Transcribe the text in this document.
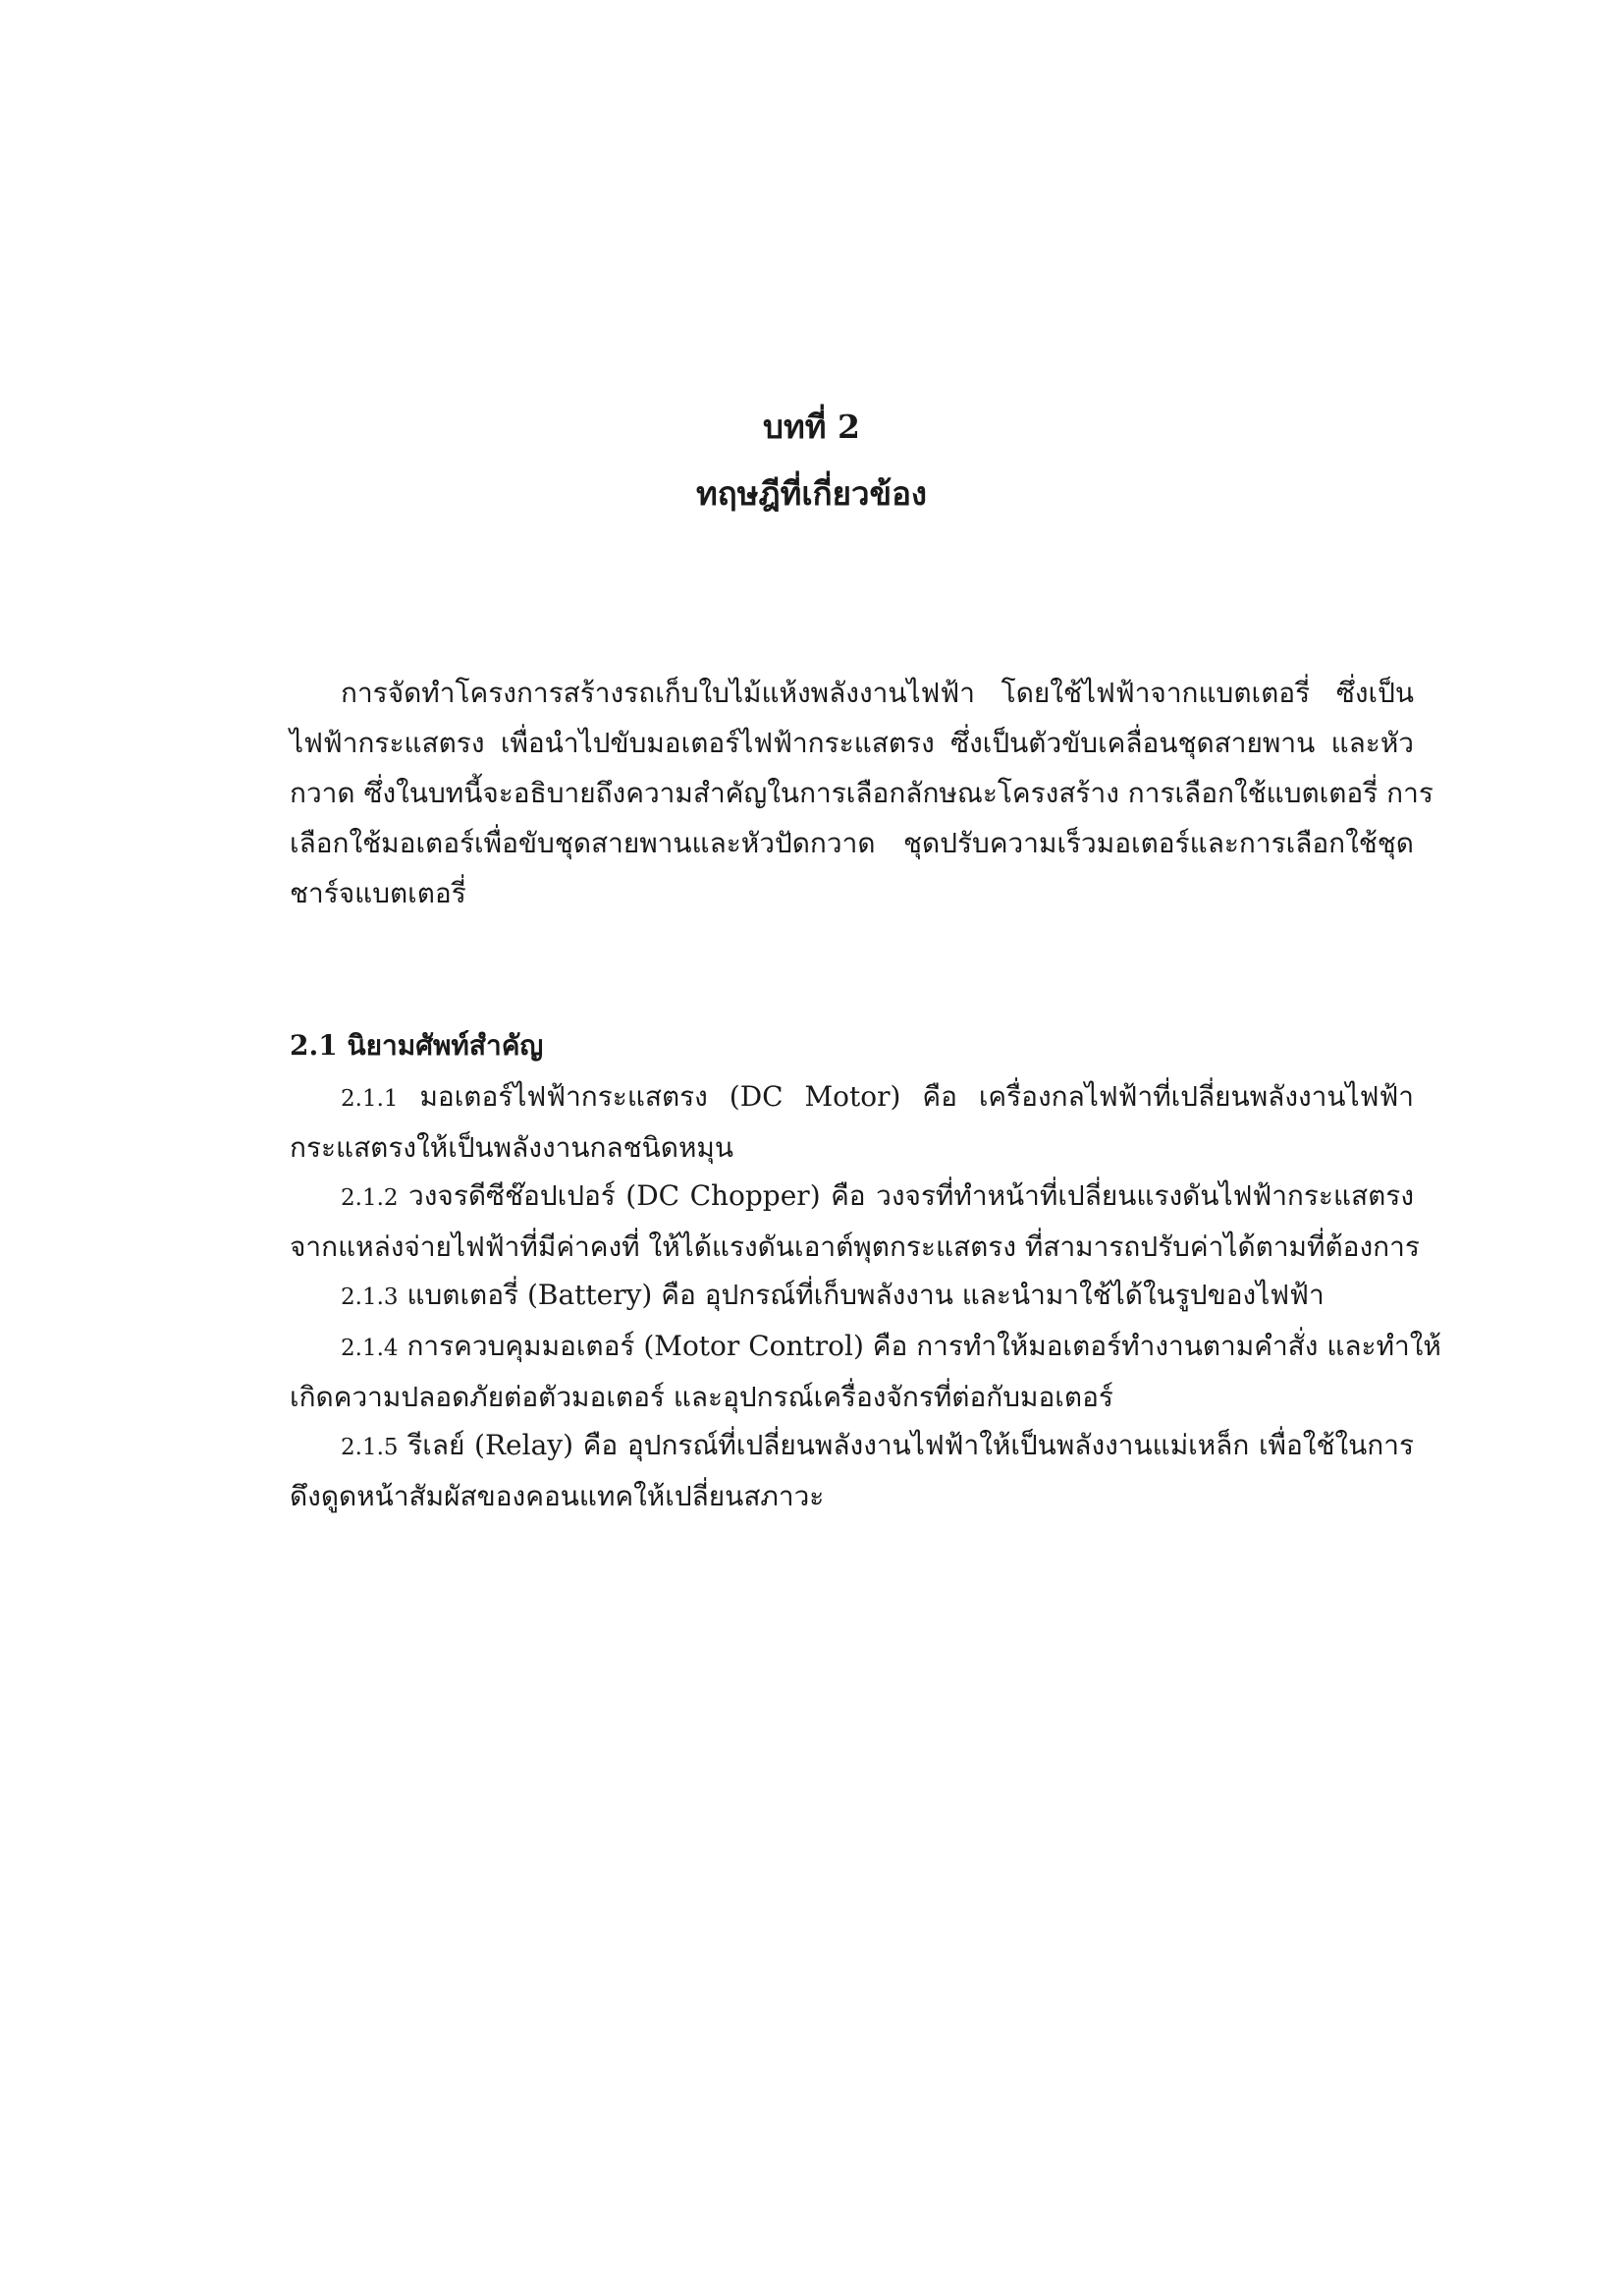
บทที่ 2
ทฤษฎีที่เกี่ยวข้อง
การจัดทำโครงการสร้างรถเก็บใบไม้แห้งพลังงานไฟฟ้า โดยใช้ไฟฟ้าจากแบตเตอรี่ ซึ่งเป็น
ไฟฟ้ากระแสตรง เพื่อนำไปขับมอเตอร์ไฟฟ้ากระแสตรง ซึ่งเป็นตัวขับเคลื่อนชุดสายพาน และหัว
กวาด ซึ่งในบทนี้จะอธิบายถึงความสำคัญในการเลือกลักษณะโครงสร้าง การเลือกใช้แบตเตอรี่ การ
เลือกใช้มอเตอร์เพื่อขับชุดสายพานและหัวปัดกวาด ชุดปรับความเร็วมอเตอร์และการเลือกใช้ชุด
ชาร์จแบตเตอรี่
2.1 นิยามศัพท์สำคัญ
2.1.1 มอเตอร์ไฟฟ้ากระแสตรง (DC Motor) คือ เครื่องกลไฟฟ้าที่เปลี่ยนพลังงานไฟฟ้า
กระแสตรงให้เป็นพลังงานกลชนิดหมุน
2.1.2 วงจรดีซีช๊อปเปอร์ (DC Chopper) คือ วงจรที่ทำหน้าที่เปลี่ยนแรงดันไฟฟ้ากระแสตรง
จากแหล่งจ่ายไฟฟ้าที่มีค่าคงที่ ให้ได้แรงดันเอาต์พุตกระแสตรง ที่สามารถปรับค่าได้ตามที่ต้องการ
2.1.3 แบตเตอรี่ (Battery) คือ อุปกรณ์ที่เก็บพลังงาน และนำมาใช้ได้ในรูปของไฟฟ้า
2.1.4 การควบคุมมอเตอร์ (Motor Control) คือ การทำให้มอเตอร์ทำงานตามคำสั่ง และทำให้
เกิดความปลอดภัยต่อตัวมอเตอร์ และอุปกรณ์เครื่องจักรที่ต่อกับมอเตอร์
2.1.5 รีเลย์ (Relay) คือ อุปกรณ์ที่เปลี่ยนพลังงานไฟฟ้าให้เป็นพลังงานแม่เหล็ก เพื่อใช้ในการ
ดึงดูดหน้าสัมผัสของคอนแทคให้เปลี่ยนสภาวะ
